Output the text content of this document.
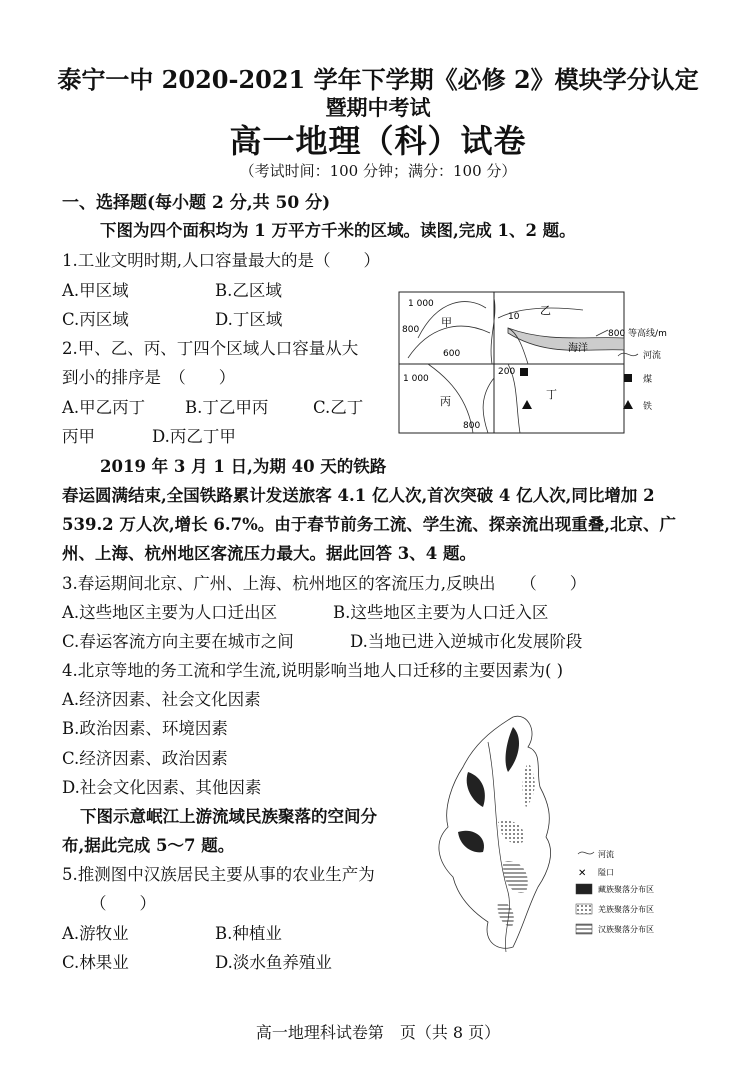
泰宁一中 2020-2021 学年下学期《必修 2》模块学分认定
暨期中考试
高一地理（科）试卷
（考试时间：100 分钟；满分：100 分）
一、选择题(每小题 2 分,共 50 分)
下图为四个面积均为 1 万平方千米的区域。读图,完成 1、2 题。
1.工业文明时期,人口容量最大的是（　　）
A.甲区域	B.乙区域
C.丙区域	D.丁区域
2.甲、乙、丙、丁四个区域人口容量从大
到小的排序是　（　　）
A.甲乙丙丁 B.丁乙甲丙	C.乙丁
丙甲	D.丙乙丁甲
甲
乙
丙
丁
海洋
1 000
800
600
10
1 000
200
800
800 等高线/m
河流
煤
铁
2019 年 3 月 1 日,为期 40 天的铁路
春运圆满结束,全国铁路累计发送旅客 4.1 亿人次,首次突破 4 亿人次,同比增加 2
539.2 万人次,增长 6.7%。由于春节前务工流、学生流、探亲流出现重叠,北京、广
州、上海、杭州地区客流压力最大。据此回答 3、4 题。
3.春运期间北京、广州、上海、杭州地区的客流压力,反映出　　（　　）
A.这些地区主要为人口迁出区	B.这些地区主要为人口迁入区
C.春运客流方向主要在城市之间	D.当地已进入逆城市化发展阶段
4.北京等地的务工流和学生流,说明影响当地人口迁移的主要因素为( )
A.经济因素、社会文化因素
B.政治因素、环境因素
C.经济因素、政治因素
D.社会文化因素、其他因素
下图示意岷江上游流域民族聚落的空间分
布,据此完成 5～7 题。
5.推测图中汉族居民主要从事的农业生产为
（　　）
A.游牧业	B.种植业
C.林果业	D.淡水鱼养殖业
河流
✕ 隘口
藏族聚落分布区
羌族聚落分布区
汉族聚落分布区
高一地理科试卷第　页（共 8 页）
